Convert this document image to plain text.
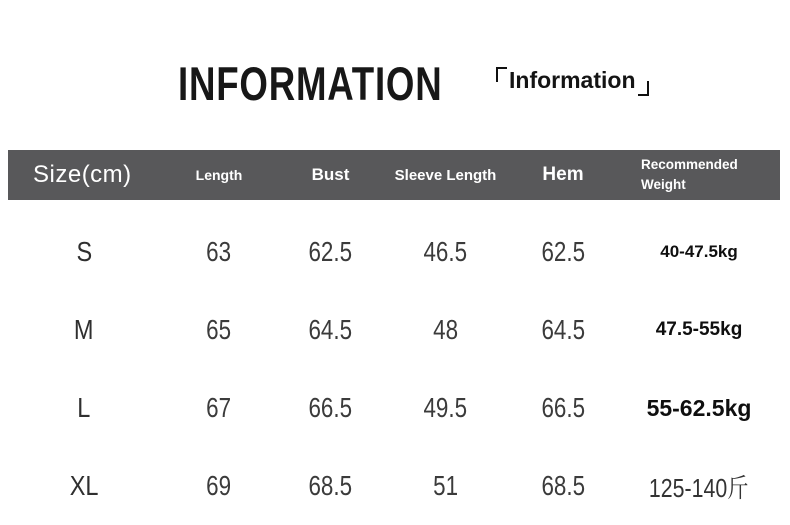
INFORMATION	Information
Size(cm)	Length	Bust	Sleeve Length	Hem	Recommended Weight
S	63	62.5	46.5	62.5	40-47.5kg
M	65	64.5	48	64.5	47.5-55kg
L	67	66.5	49.5	66.5	55-62.5kg
XL	69	68.5	51	68.5	125-140斤
